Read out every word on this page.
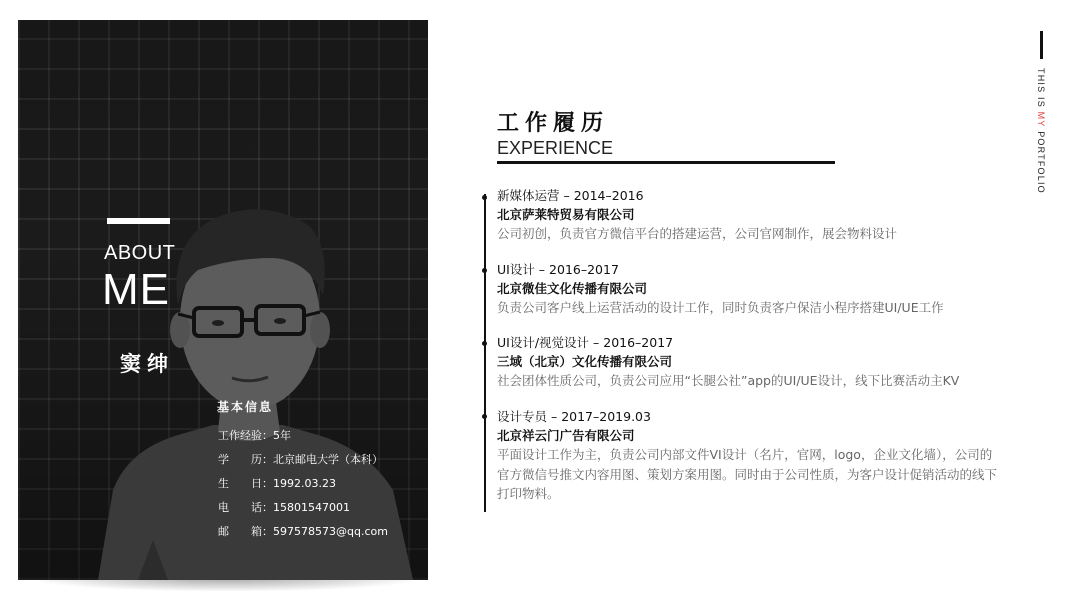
ABOUT
ME
窦绅
基本信息
工作经验：5年
学　　历：北京邮电大学（本科）
生　　日：1992.03.23
电　　话：15801547001
邮　　箱：597578573@qq.com
工作履历
EXPERIENCE
新媒体运营 – 2014–2016
北京萨莱特贸易有限公司
公司初创，负责官方微信平台的搭建运营，公司官网制作，展会物料设计
UI设计 – 2016–2017
北京微佳文化传播有限公司
负责公司客户线上运营活动的设计工作，同时负责客户保洁小程序搭建UI/UE工作
UI设计/视觉设计 – 2016–2017
三域（北京）文化传播有限公司
社会团体性质公司，负责公司应用“长腿公社”app的UI/UE设计，线下比赛活动主KV
设计专员 – 2017–2019.03
北京祥云门广告有限公司
平面设计工作为主，负责公司内部文件VI设计（名片，官网，logo，企业文化墙），公司的官方微信号推文内容用图、策划方案用图。同时由于公司性质，为客户设计促销活动的线下打印物料。
THIS IS MY PORTFOLIO
